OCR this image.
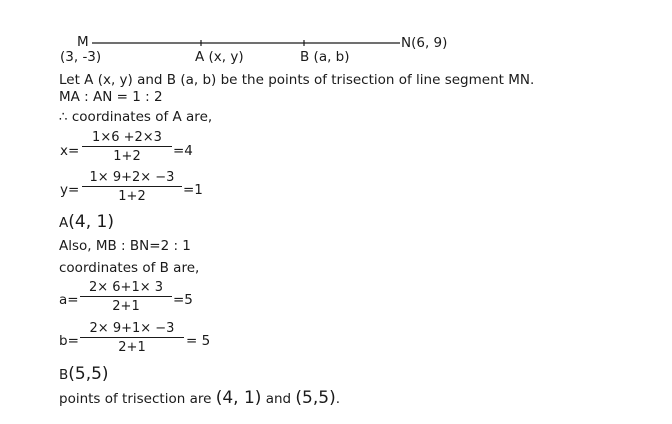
M
(3, -3)	A (x, y)	B (a, b)
N(6, 9)
Let A (x, y) and B (a, b) be the points of trisection of line segment MN.
MA : AN = 1 : 2
∴ coordinates of A are,
x=
1×6 +2×3
1+2	=4
y=
1× 9+2× −3
1+2	=1
A(4, 1)
Also, MB : BN=2 : 1
coordinates of B are,
a=
2× 6+1× 3
2+1	=5
b=
2× 9+1× −3
2+1	= 5
B(5,5)
points of trisection are (4, 1) and (5,5).
